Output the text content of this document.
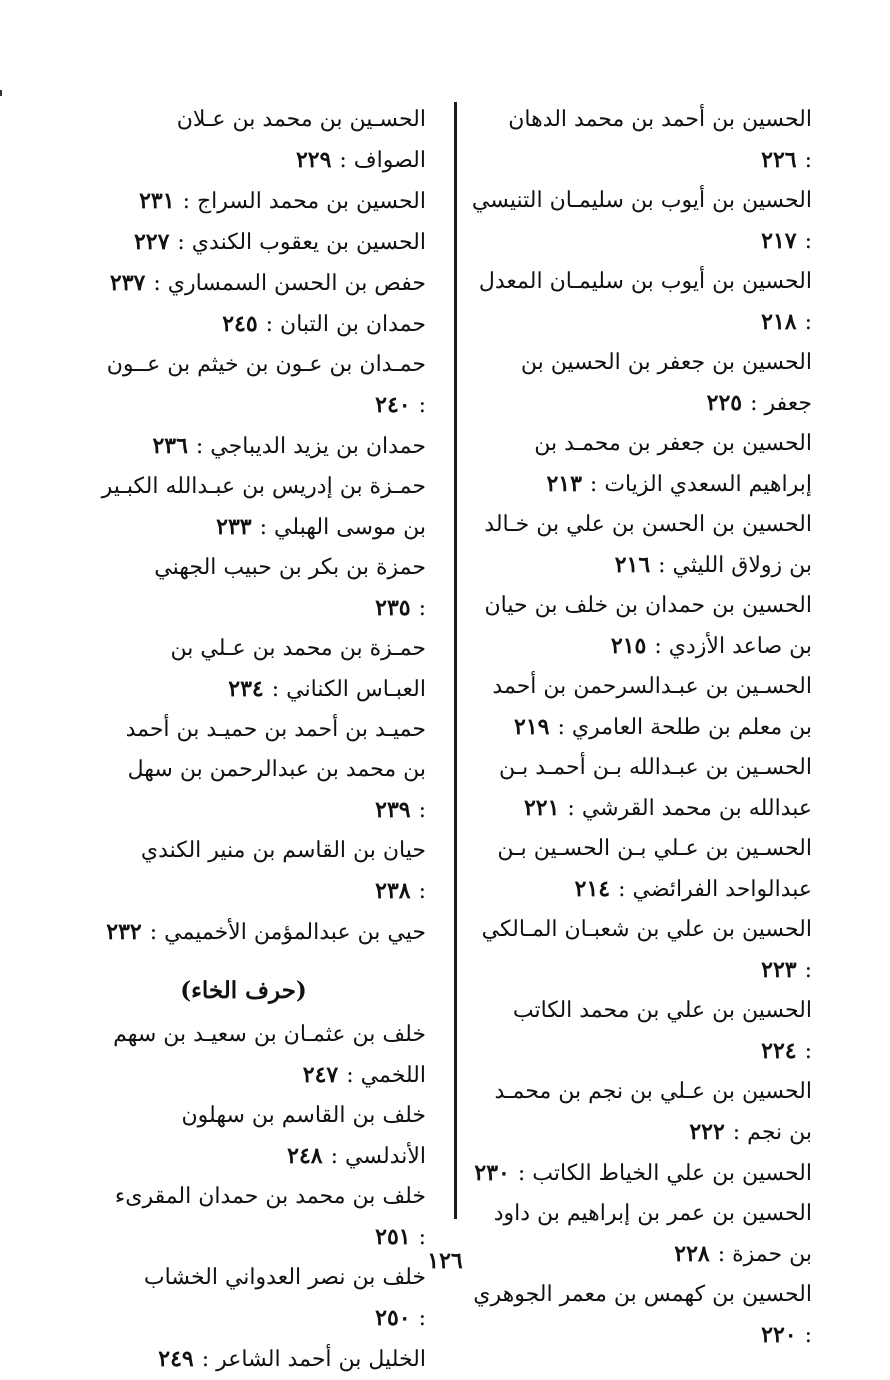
الحسين بن أحمد بن محمد الدهان :٢٢٦

الحسين بن أيوب بن سليمـان التنيسي :٢١٧

الحسين بن أيوب بن سليمـان المعدل :٢١٨

الحسين بن جعفر بن الحسين بن جعفر :٢٢٥

الحسين بن جعفر بن محمـد بن إبراهيم السعدي الزيات :٢١٣

الحسين بن الحسن بن علي بن خـالد بن زولاق الليثي :٢١٦

الحسين بن حمدان بن خلف بن حيان بن صاعد الأزدي :٢١٥

الحسـين بن عبـدالسرحمن بن أحمد بن معلم بن طلحة العامري :٢١٩

الحسـين بن عبـدالله بـن أحمـد بـن عبدالله بن محمد القرشي :٢٢١

الحسـين بن عـلي بـن الحسـين بـن عبدالواحد الفرائضي :٢١٤

الحسين بن علي بن شعبـان المـالكي :٢٢٣

الحسين بن علي بن محمد الكاتب :٢٢٤

الحسين بن عـلي بن نجم بن محمـد بن نجم :٢٢٢

الحسين بن علي الخياط الكاتب :٢٣٠

الحسين بن عمر بن إبراهيم بن داود بن حمزة :٢٢٨

الحسين بن كهمس بن معمر الجوهري :٢٢٠

الحسـين بن محمد بن عـلان الصواف :٢٢٩

الحسين بن محمد السراج :٢٣١

الحسين بن يعقوب الكندي :٢٢٧

حفص بن الحسن السمساري :٢٣٧

حمدان بن التبان :٢٤٥

حمـدان بن عـون بن خيثم بن عــون :٢٤٠

حمدان بن يزيد الديباجي :٢٣٦

حمـزة بن إدريس بن عبـدالله الكبـير بن موسى الهبلي :٢٣٣

حمزة بن بكر بن حبيب الجهني :٢٣٥

حمـزة بن محمد بن عـلي بن العبـاس الكناني :٢٣٤

حميـد بن أحمد بن حميـد بن أحمد بن محمد بن عبدالرحمن بن سهل :٢٣٩

حيان بن القاسم بن منير الكندي :٢٣٨

حيي بن عبدالمؤمن الأخميمي :٢٣٢

(حرف الخاء)

خلف بن عثمـان بن سعيـد بن سهم اللخمي :٢٤٧

خلف بن القاسم بن سهلون الأندلسي :٢٤٨

خلف بن محمد بن حمدان المقرىء :٢٥١

خلف بن نصر العدواني الخشاب :٢٥٠

الخليل بن أحمد الشاعر :٢٤٩

١٢٦
